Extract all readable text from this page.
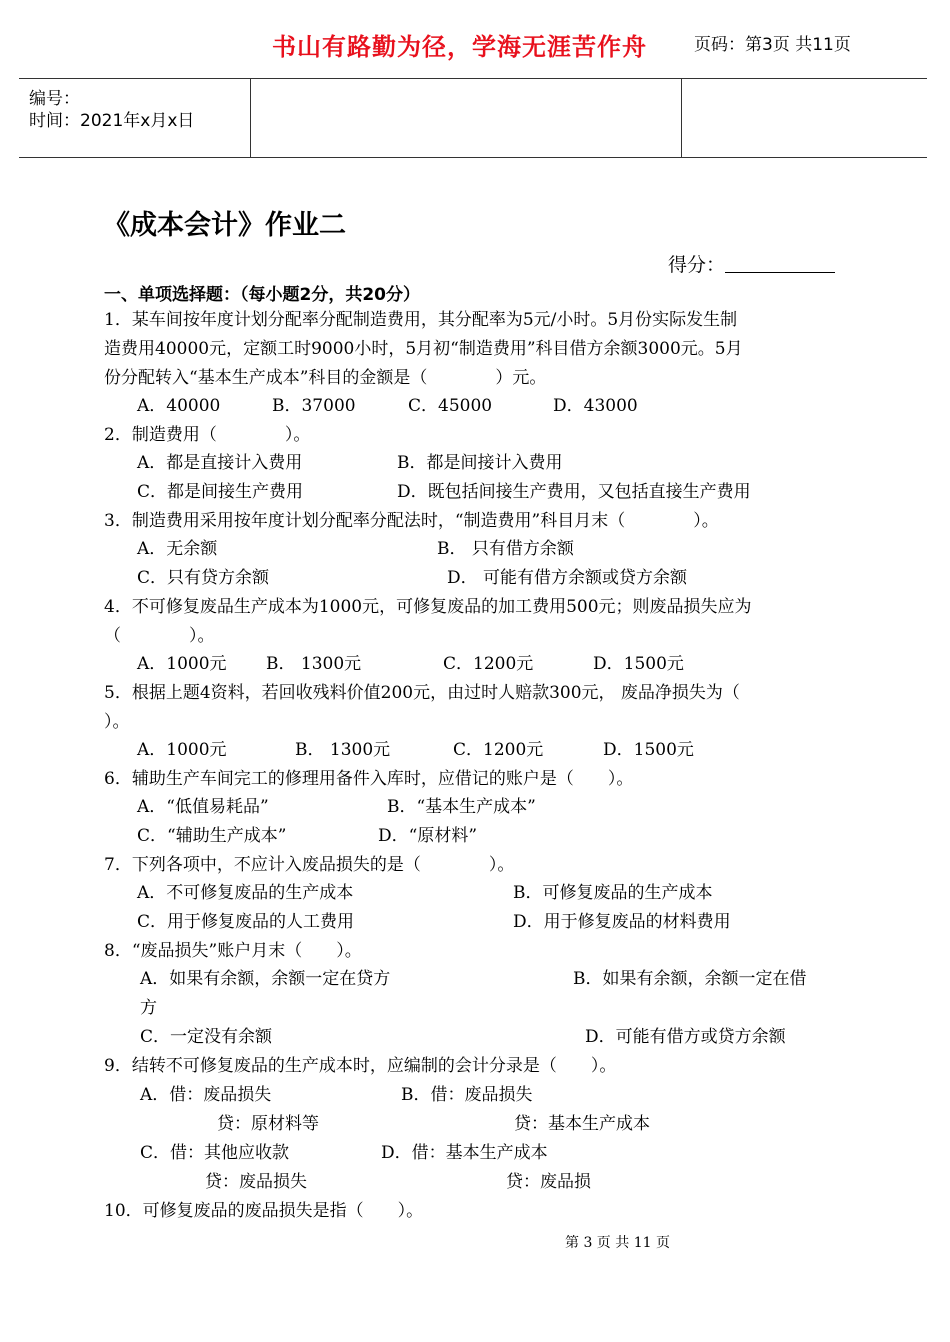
编号：
时间：2021年x月x日
书山有路勤为径，学海无涯苦作舟	页码：第3页 共11页
《成本会计》作业二
得分：
一、单项选择题：（每小题2分，共20分）
1．某车间按年度计划分配率分配制造费用，其分配率为5元/小时。5月份实际发生制
造费用40000元，定额工时9000小时，5月初“制造费用”科目借方余额3000元。5月
份分配转入“基本生产成本”科目的金额是（　　　　）元。
A．40000	B．37000	C．45000	D．43000
2．制造费用（　　　　）。
A．都是直接计入费用	B．都是间接计入费用
C．都是间接生产费用	D．既包括间接生产费用，又包括直接生产费用
3．制造费用采用按年度计划分配率分配法时，“制造费用”科目月末（　　　　）。
A．无余额	B． 只有借方余额
C．只有贷方余额	D． 可能有借方余额或贷方余额
4．不可修复废品生产成本为1000元，可修复废品的加工费用500元；则废品损失应为
（　　　　）。
A．1000元 B． 1300元	C．1200元	D．1500元
5．根据上题4资料，若回收残料价值200元，由过时人赔款300元， 废品净损失为（
）。
A．1000元	B． 1300元	C．1200元	D．1500元
6．辅助生产车间完工的修理用备件入库时，应借记的账户是（　　）。
A．“低值易耗品”	B．“基本生产成本”
C．“辅助生产成本”	D．“原材料”
7．下列各项中，不应计入废品损失的是（　　　　）。
A．不可修复废品的生产成本	B．可修复废品的生产成本
C．用于修复废品的人工费用	D．用于修复废品的材料费用
8．“废品损失”账户月末（　　）。
A．如果有余额，余额一定在贷方	B．如果有余额，余额一定在借
方
C．一定没有余额	D．可能有借方或贷方余额
9．结转不可修复废品的生产成本时，应编制的会计分录是（　　）。
A．借：废品损失	B．借：废品损失
贷：原材料等	贷：基本生产成本
C．借：其他应收款	D．借：基本生产成本
贷：废品损失	贷：废品损
10．可修复废品的废品损失是指（　　）。
第 3 页 共 11 页
